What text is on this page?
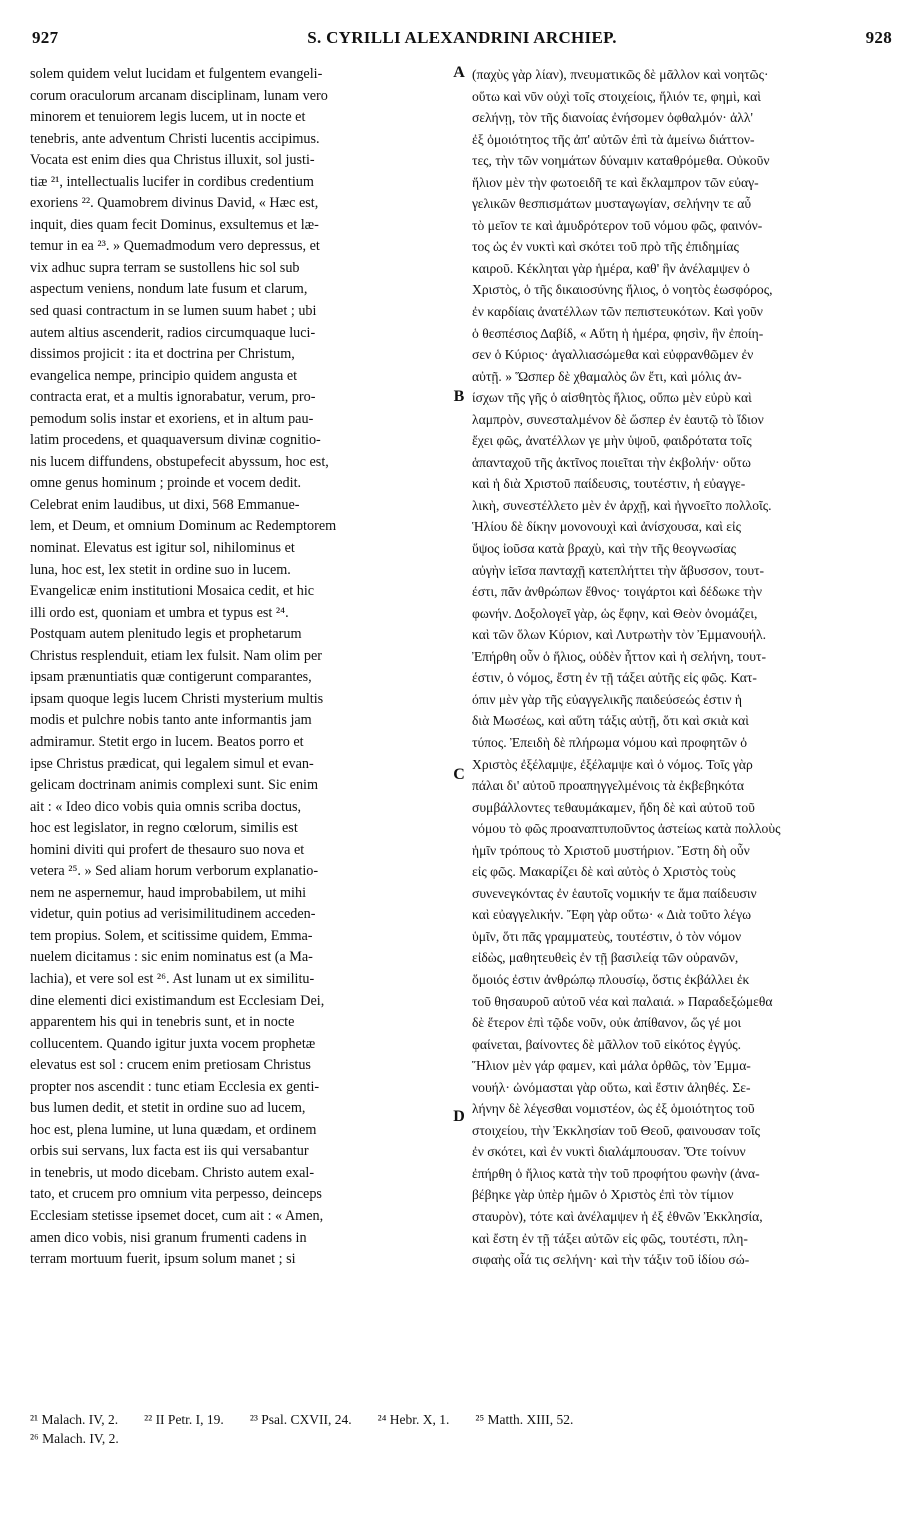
927	S. CYRILLI ALEXANDRINI ARCHIEP.	928
solem quidem velut lucidam et fulgentem evangeli-
corum oraculorum arcanam disciplinam, lunam vero
minorem et tenuiorem legis lucem, ut in nocte et
tenebris, ante adventum Christi lucentis accipimus.
Vocata est enim dies qua Christus illuxit, sol justi-
tiæ ²¹, intellectualis lucifer in cordibus credentium
exoriens ²². Quamobrem divinus David, « Hæc est,
inquit, dies quam fecit Dominus, exsultemus et læ-
temur in ea ²³. » Quemadmodum vero depressus, et
vix adhuc supra terram se sustollens hic sol sub
aspectum veniens, nondum late fusum et clarum,
sed quasi contractum in se lumen suum habet ; ubi
autem altius ascenderit, radios circumquaque luci-
dissimos projicit : ita et doctrina per Christum,
evangelica nempe, principio quidem angusta et
contracta erat, et a multis ignorabatur, verum, pro-
pemodum solis instar et exoriens, et in altum pau-
latim procedens, et quaquaversum divinæ cognitio-
nis lucem diffundens, obstupefecit abyssum, hoc est,
omne genus hominum ; proinde et vocem dedit.
Celebrat enim laudibus, ut dixi, 568 Emmanue-
lem, et Deum, et omnium Dominum ac Redemptorem
nominat. Elevatus est igitur sol, nihilominus et
luna, hoc est, lex stetit in ordine suo in lucem.
Evangelicæ enim institutioni Mosaica cedit, et hic
illi ordo est, quoniam et umbra et typus est ²⁴.
Postquam autem plenitudo legis et prophetarum
Christus resplenduit, etiam lex fulsit. Nam olim per
ipsam prænuntiatis quæ contigerunt comparantes,
ipsam quoque legis lucem Christi mysterium multis
modis et pulchre nobis tanto ante informantis jam
admiramur. Stetit ergo in lucem. Beatos porro et
ipse Christus prædicat, qui legalem simul et evan-
gelicam doctrinam animis complexi sunt. Sic enim
ait : « Ideo dico vobis quia omnis scriba doctus,
hoc est legislator, in regno cœlorum, similis est
homini diviti qui profert de thesauro suo nova et
vetera ²⁵. » Sed aliam horum verborum explanatio-
nem ne aspernemur, haud improbabilem, ut mihi
videtur, quin potius ad verisimilitudinem acceden-
tem propius. Solem, et scitissime quidem, Emma-
nuelem dicitamus : sic enim nominatus est (a Ma-
lachia), et vere sol est ²⁶. Ast lunam ut ex similitu-
dine elementi dici existimandum est Ecclesiam Dei,
apparentem his qui in tenebris sunt, et in nocte
collucentem. Quando igitur juxta vocem prophetæ
elevatus est sol : crucem enim pretiosam Christus
propter nos ascendit : tunc etiam Ecclesia ex genti-
bus lumen dedit, et stetit in ordine suo ad lucem,
hoc est, plena lumine, ut luna quædam, et ordinem
orbis sui servans, lux facta est iis qui versabantur
in tenebris, ut modo dicebam. Christo autem exal-
tato, et crucem pro omnium vita perpesso, deinceps
Ecclesiam stetisse ipsemet docet, cum ait : « Amen,
amen dico vobis, nisi granum frumenti cadens in
terram mortuum fuerit, ipsum solum manet ; si
A
B
C
D
(παχὺς γὰρ λίαν), πνευματικῶς δὲ μᾶλλον καὶ νοητῶς·
οὕτω καὶ νῦν οὐχὶ τοῖς στοιχείοις, ἥλιόν τε, φημὶ, καὶ
σελήνῃ, τὸν τῆς διανοίας ἐνήσομεν ὀφθαλμόν· ἀλλ'
ἐξ ὁμοιότητος τῆς ἀπ' αὐτῶν ἐπὶ τὰ ἀμείνω διάττον-
τες, τὴν τῶν νοημάτων δύναμιν καταθρόμεθα. Οὐκοῦν
ἥλιον μὲν τὴν φωτοειδῆ τε καὶ ἔκλαμπρον τῶν εὐαγ-
γελικῶν θεσπισμάτων μυσταγωγίαν, σελήνην τε αὖ
τὸ μεῖον τε καὶ ἀμυδρότερον τοῦ νόμου φῶς, φαινόν-
τος ὡς ἐν νυκτὶ καὶ σκότει τοῦ πρὸ τῆς ἐπιδημίας
καιροῦ. Κέκληται γὰρ ἡμέρα, καθ' ἣν ἀνέλαμψεν ὁ
Χριστὸς, ὁ τῆς δικαιοσύνης ἥλιος, ὁ νοητὸς ἑωσφόρος,
ἐν καρδίαις ἀνατέλλων τῶν πεπιστευκότων. Καὶ γοῦν
ὁ θεσπέσιος Δαβίδ, « Αὕτη ἡ ἡμέρα, φησὶν, ἣν ἐποίη-
σεν ὁ Κύριος· ἀγαλλιασώμεθα καὶ εὐφρανθῶμεν ἐν
αὐτῇ. » Ὥσπερ δὲ χθαμαλὸς ὢν ἔτι, καὶ μόλις ἀν-
ίσχων τῆς γῆς ὁ αἰσθητὸς ἥλιος, οὔπω μὲν εὐρὺ καὶ
λαμπρὸν, συνεσταλμένον δὲ ὥσπερ ἐν ἑαυτῷ τὸ ἴδιον
ἔχει φῶς, ἀνατέλλων γε μὴν ὑψοῦ, φαιδρότατα τοῖς
ἁπανταχοῦ τῆς ἀκτῖνος ποιεῖται τὴν ἐκβολήν· οὕτω
καὶ ἡ διὰ Χριστοῦ παίδευσις, τουτέστιν, ἡ εὐαγγε-
λικὴ, συνεστέλλετο μὲν ἐν ἀρχῇ, καὶ ἠγνοεῖτο πολλοῖς.
Ἡλίου δὲ δίκην μονονουχὶ καὶ ἀνίσχουσα, καὶ εἰς
ὕψος ἰοῦσα κατὰ βραχὺ, καὶ τὴν τῆς θεογνωσίας
αὐγὴν ἱεῖσα πανταχῇ κατεπλήττει τὴν ἄβυσσον, τουτ-
έστι, πᾶν ἀνθρώπων ἔθνος· τοιγάρτοι καὶ δέδωκε τὴν
φωνήν. Δοξολογεῖ γὰρ, ὡς ἔφην, καὶ Θεὸν ὀνομάζει,
καὶ τῶν ὅλων Κύριον, καὶ Λυτρωτὴν τὸν Ἐμμανουήλ.
Ἐπήρθη οὖν ὁ ἥλιος, οὐδὲν ἧττον καὶ ἡ σελήνη, τουτ-
έστιν, ὁ νόμος, ἔστη ἐν τῇ τάξει αὐτῆς εἰς φῶς. Κατ-
όπιν μὲν γὰρ τῆς εὐαγγελικῆς παιδεύσεώς ἐστιν ἡ
διὰ Μωσέως, καὶ αὕτη τάξις αὐτῇ, ὅτι καὶ σκιὰ καὶ
τύπος. Ἐπειδὴ δὲ πλήρωμα νόμου καὶ προφητῶν ὁ
Χριστὸς ἐξέλαμψε, ἐξέλαμψε καὶ ὁ νόμος. Τοῖς γὰρ
πάλαι δι' αὐτοῦ προαπηγγελμένοις τὰ ἐκβεβηκότα
συμβάλλοντες τεθαυμάκαμεν, ἤδη δὲ καὶ αὐτοῦ τοῦ
νόμου τὸ φῶς προαναπτυποῦντος ἀστείως κατὰ πολλοὺς
ἡμῖν τρόπους τὸ Χριστοῦ μυστήριον. Ἔστη δὴ οὖν
εἰς φῶς. Μακαρίζει δὲ καὶ αὐτὸς ὁ Χριστὸς τοὺς
συνενεγκόντας ἐν ἑαυτοῖς νομικήν τε ἅμα παίδευσιν
καὶ εὐαγγελικήν. Ἔφη γὰρ οὕτω· « Διὰ τοῦτο λέγω
ὑμῖν, ὅτι πᾶς γραμματεὺς, τουτέστιν, ὁ τὸν νόμον
εἰδὼς, μαθητευθεὶς ἐν τῇ βασιλείᾳ τῶν οὐρανῶν,
ὅμοιός ἐστιν ἀνθρώπῳ πλουσίῳ, ὅστις ἐκβάλλει ἐκ
τοῦ θησαυροῦ αὐτοῦ νέα καὶ παλαιά. » Παραδεξώμεθα
δὲ ἕτερον ἐπὶ τῷδε νοῦν, οὐκ ἀπίθανον, ὥς γέ μοι
φαίνεται, βαίνοντες δὲ μᾶλλον τοῦ εἰκότος ἐγγύς.
Ἥλιον μὲν γάρ φαμεν, καὶ μάλα ὀρθῶς, τὸν Ἐμμα-
νουήλ· ὠνόμασται γὰρ οὕτω, καὶ ἔστιν ἀληθές. Σε-
λήνην δὲ λέγεσθαι νομιστέον, ὡς ἐξ ὁμοιότητος τοῦ
στοιχείου, τὴν Ἐκκλησίαν τοῦ Θεοῦ, φαινουσαν τοῖς
ἐν σκότει, καὶ ἐν νυκτὶ διαλάμπουσαν. Ὅτε τοίνυν
ἐπήρθη ὁ ἥλιος κατὰ τὴν τοῦ προφήτου φωνὴν (ἀνα-
βέβηκε γὰρ ὑπὲρ ἡμῶν ὁ Χριστὸς ἐπὶ τὸν τίμιον
σταυρὸν), τότε καὶ ἀνέλαμψεν ἡ ἐξ ἐθνῶν Ἐκκλησία,
καὶ ἔστη ἐν τῇ τάξει αὐτῶν εἰς φῶς, τουτέστι, πλη-
σιφαὴς οἷά τις σελήνη· καὶ τὴν τάξιν τοῦ ἰδίου σώ-
²¹ Malach. IV, 2. ²² II Petr. I, 19. ²³ Psal. CXVII, 24. ²⁴ Hebr. X, 1. ²⁵ Matth. XIII, 52.
²⁶ Malach. IV, 2.
